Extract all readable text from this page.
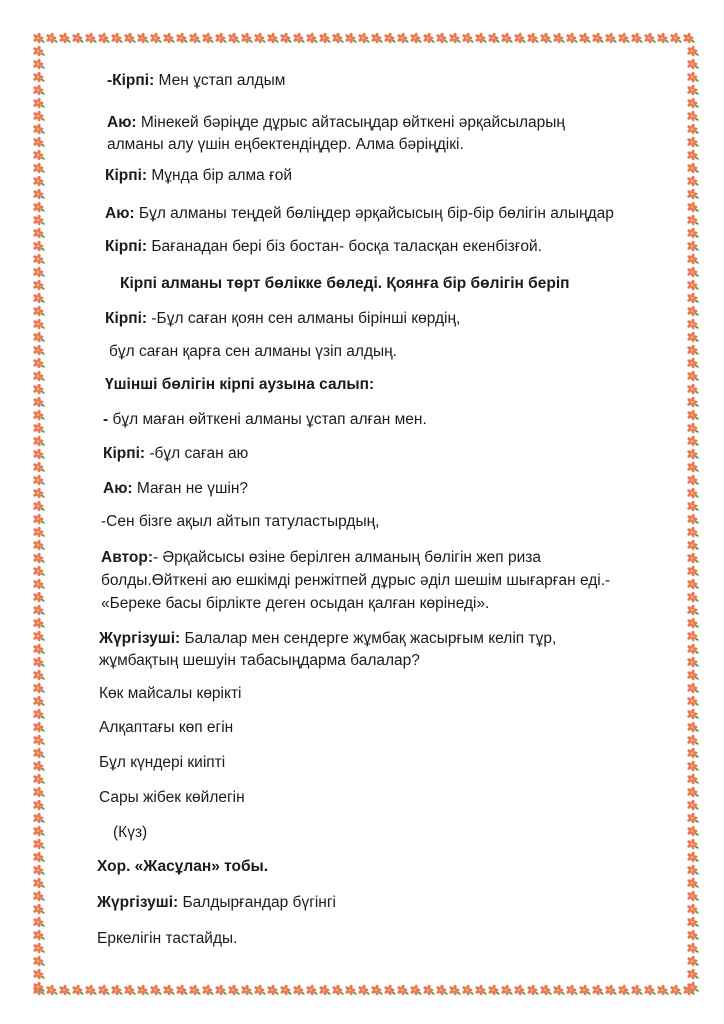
-Кірпі: Мен ұстап алдым
Аю: Мінекей бәріңде дұрыс айтасыңдар өйткені әрқайсыларың
алманы алу үшін еңбектендіңдер. Алма бәріңдікі.
Кірпі: Мұнда бір алма ғой
Аю: Бұл алманы теңдей бөліңдер әрқайсысың бір-бір бөлігін алыңдар
Кірпі: Бағанадан бері біз бостан- босқа таласқан екенбізғой.
Кірпі алманы төрт бөлікке бөледі. Қоянға бір бөлігін беріп
Кірпі: -Бұл саған қоян сен алманы бірінші көрдің,
бұл саған қарға сен алманы үзіп алдың.
Үшінші бөлігін кірпі аузына салып:
- бұл маған өйткені алманы ұстап алған мен.
Кірпі: -бұл саған аю
Аю: Маған не үшін?
-Сен бізге ақыл айтып татуластырдың,
Автор:- Әрқайсысы өзіне берілген алманың бөлігін жеп риза
болды.Өйткені аю ешкімді ренжітпей дұрыс әділ шешім шығарған еді.-
«Береке басы бірлікте деген осыдан қалған көрінеді».
Жүргізуші: Балалар мен сендерге жұмбақ жасырғым келіп тұр,
жұмбақтың шешуін табасыңдарма балалар?
Көк майсалы көрікті
Алқаптағы көп егін
Бұл күндері киіпті
Сары жібек көйлегін
(Күз)
Хор. «Жасұлан» тобы.
Жүргізуші: Балдырғандар бүгінгі
Еркелігін тастайды.
